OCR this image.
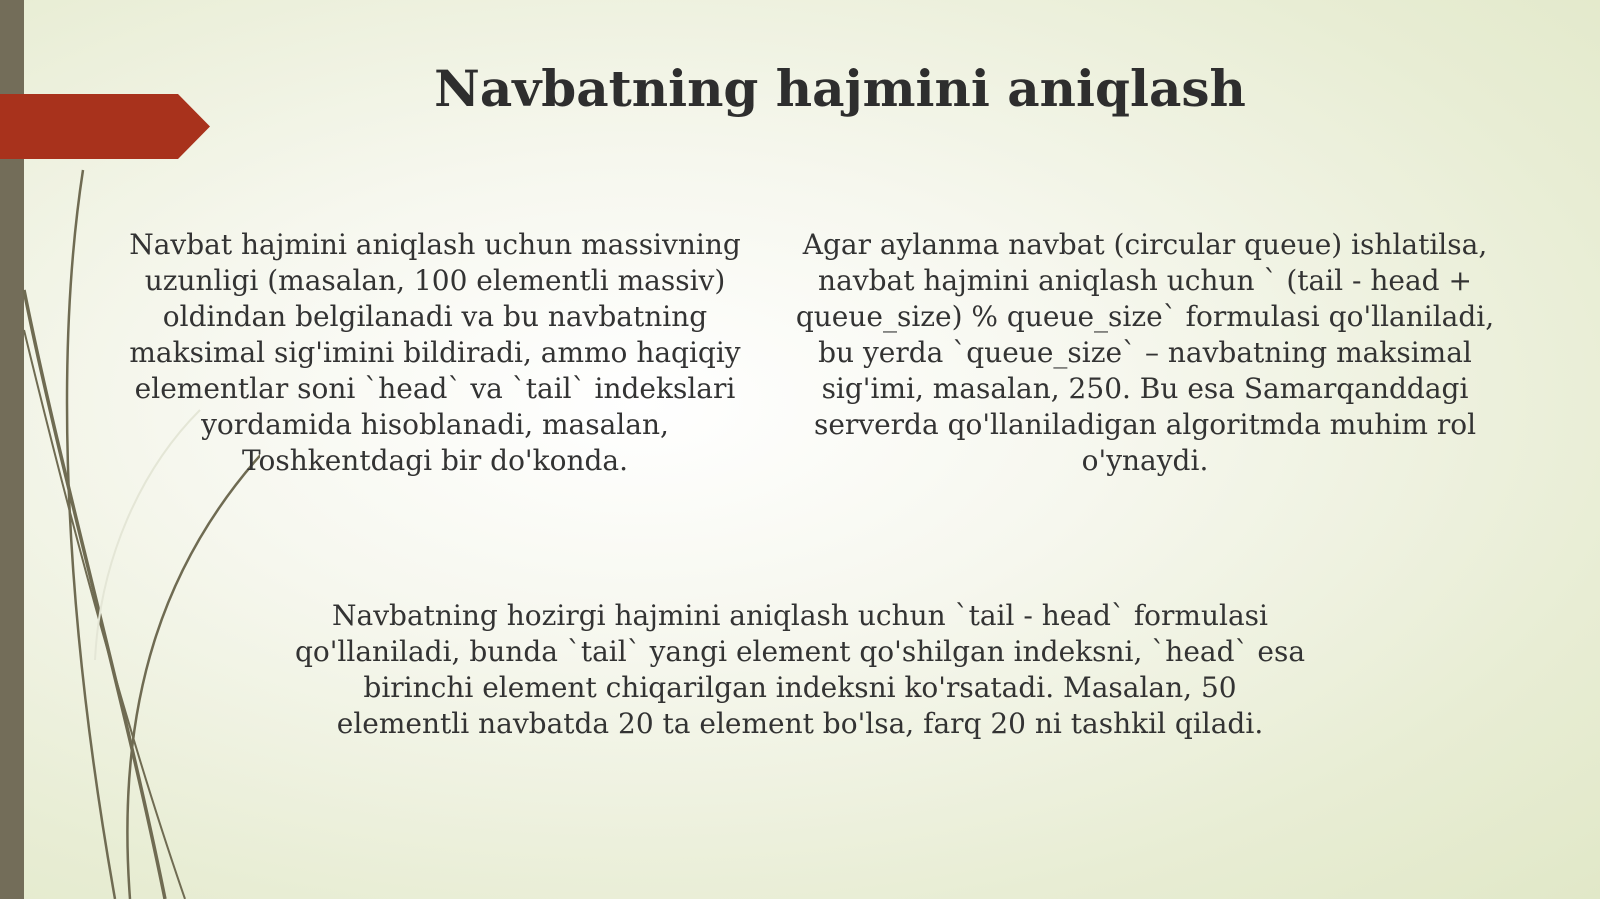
Navbatning hajmini aniqlash

Navbat hajmini aniqlash uchun massivning
uzunligi (masalan, 100 elementli massiv)
oldindan belgilanadi va bu navbatning
maksimal sig'imini bildiradi, ammo haqiqiy
elementlar soni `head` va `tail` indekslari
yordamida hisoblanadi, masalan,
Toshkentdagi bir do'konda.

Agar aylanma navbat (circular queue) ishlatilsa,
navbat hajmini aniqlash uchun ` (tail - head +
queue_size) % queue_size` formulasi qo'llaniladi,
bu yerda `queue_size` – navbatning maksimal
sig'imi, masalan, 250. Bu esa Samarqanddagi
serverda qo'llaniladigan algoritmda muhim rol
o'ynaydi.

Navbatning hozirgi hajmini aniqlash uchun `tail - head` formulasi
qo'llaniladi, bunda `tail` yangi element qo'shilgan indeksni, `head` esa
birinchi element chiqarilgan indeksni ko'rsatadi. Masalan, 50
elementli navbatda 20 ta element bo'lsa, farq 20 ni tashkil qiladi.
